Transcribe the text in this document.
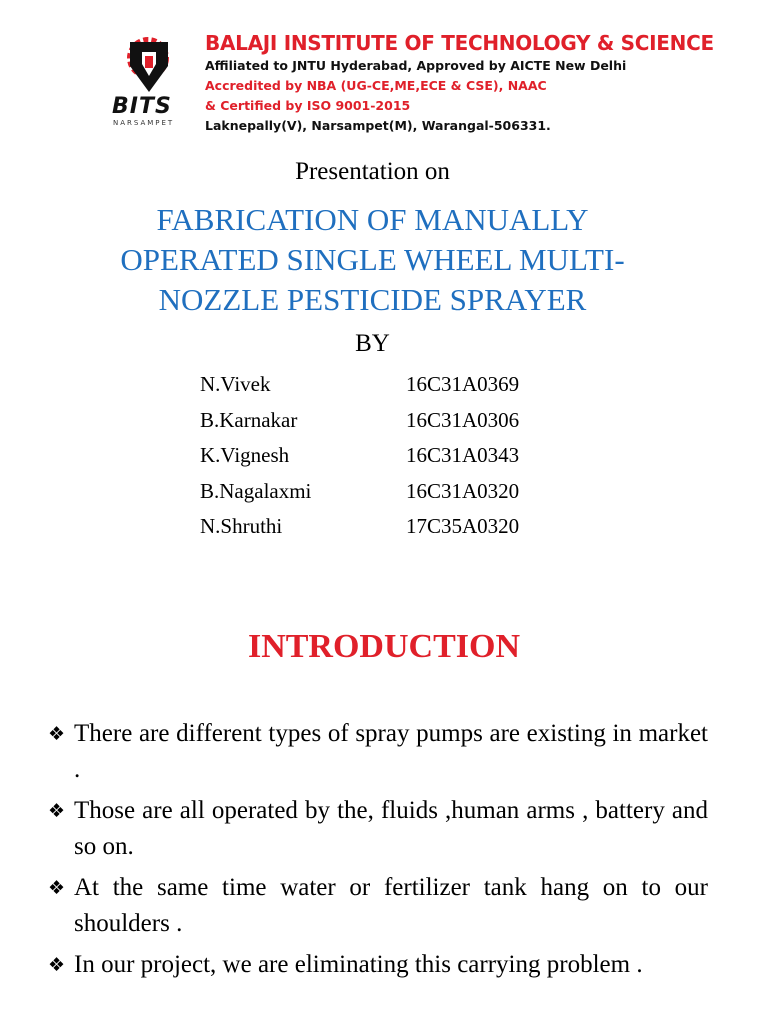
BITS
NARSAMPET
BALAJI INSTITUTE OF TECHNOLOGY & SCIENCE
Affiliated to JNTU Hyderabad, Approved by AICTE New Delhi
Accredited by NBA (UG-CE,ME,ECE & CSE), NAAC
& Certified by ISO 9001-2015
Laknepally(V), Narsampet(M), Warangal-506331.
Presentation on
FABRICATION OF MANUALLY
OPERATED SINGLE WHEEL MULTI-
NOZZLE PESTICIDE SPRAYER
BY
N.Vivek	16C31A0369
B.Karnakar	16C31A0306
K.Vignesh	16C31A0343
B.Nagalaxmi	16C31A0320
N.Shruthi	17C35A0320
INTRODUCTION
❖ There are different types of spray pumps are existing in market .
❖ Those are all operated by the, fluids ,human arms , battery and so on.
❖ At the same time water or fertilizer tank hang on to our shoulders .
❖ In our project, we are eliminating this carrying problem .
